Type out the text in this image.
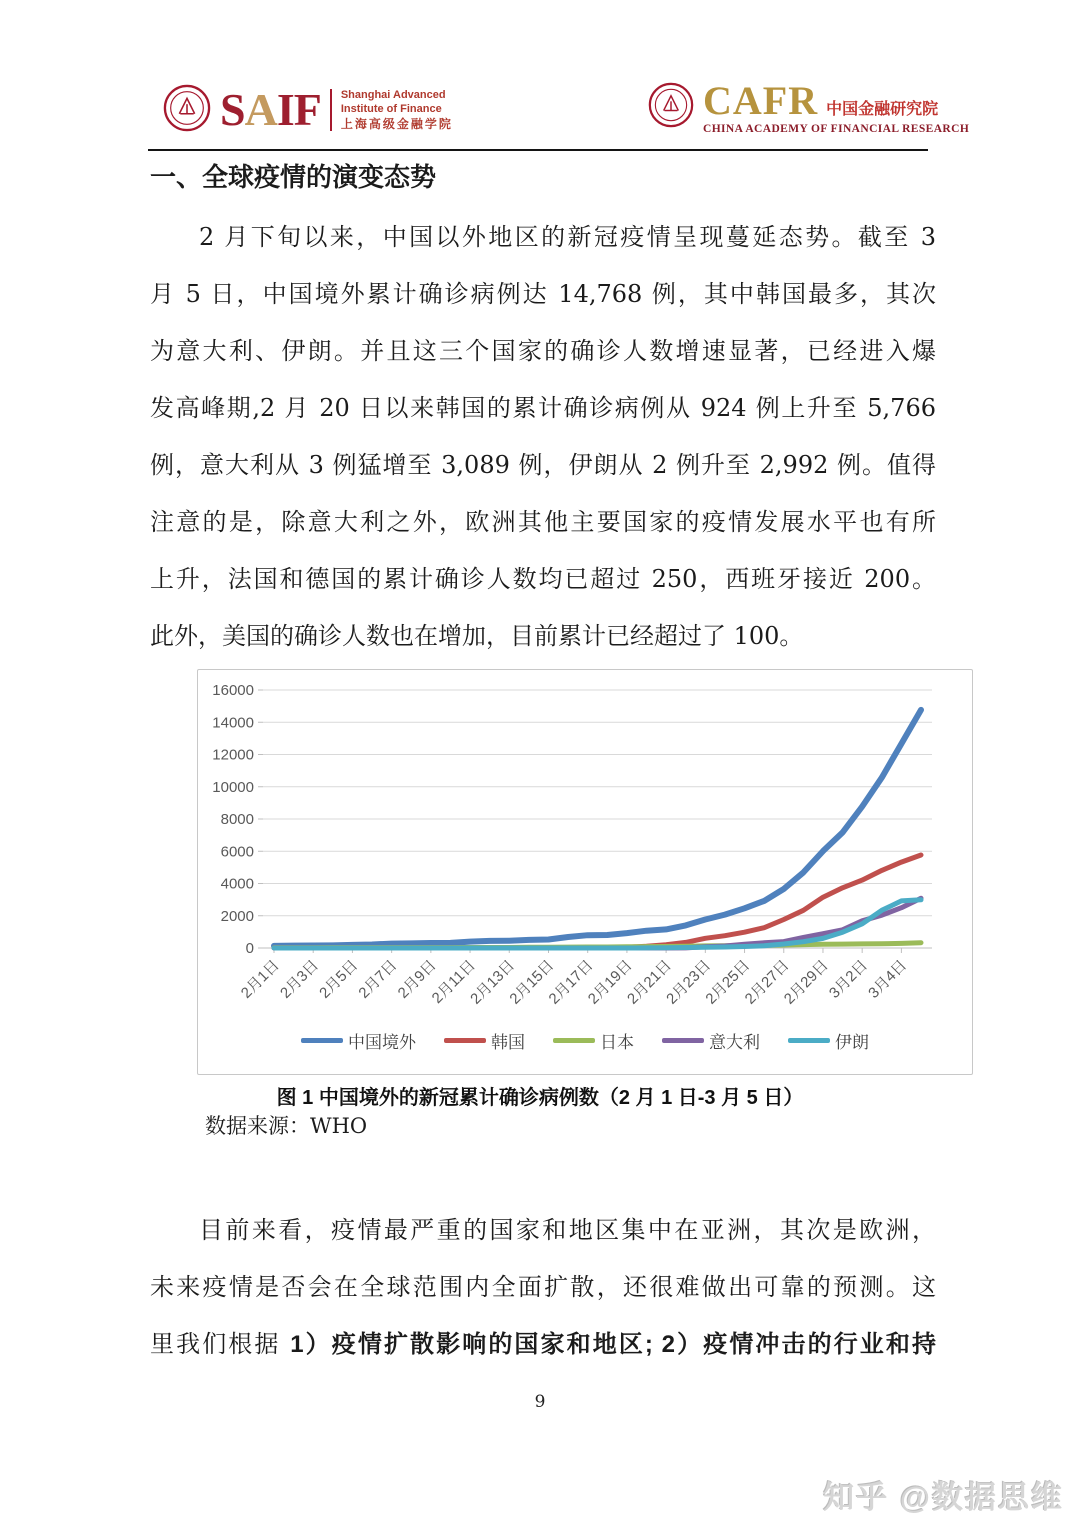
SAIF Shanghai Advanced
Institute of Finance
上海高级金融学院
CAFR 中国金融研究院
CHINA ACADEMY OF FINANCIAL RESEARCH
一、全球疫情的演变态势
2 月下旬以来，中国以外地区的新冠疫情呈现蔓延态势。截至 3
月 5 日，中国境外累计确诊病例达 14,768 例，其中韩国最多，其次
为意大利、伊朗。并且这三个国家的确诊人数增速显著，已经进入爆
发高峰期,2 月 20 日以来韩国的累计确诊病例从 924 例上升至 5,766
例，意大利从 3 例猛增至 3,089 例，伊朗从 2 例升至 2,992 例。值得
注意的是，除意大利之外，欧洲其他主要国家的疫情发展水平也有所
上升，法国和德国的累计确诊人数均已超过 250，西班牙接近 200。
此外，美国的确诊人数也在增加，目前累计已经超过了 100。
0
2000
4000
6000
8000
10000
12000
14000
16000
2月1日
2月3日
2月5日
2月7日
2月9日
2月11日
2月13日
2月15日
2月17日
2月19日
2月21日
2月23日
2月25日
2月27日
2月29日
3月2日
3月4日
中国境外	韩国	日本	意大利	伊朗
图 1 中国境外的新冠累计确诊病例数（2 月 1 日-3 月 5 日）
数据来源：WHO
目前来看，疫情最严重的国家和地区集中在亚洲，其次是欧洲，
未来疫情是否会在全球范围内全面扩散，还很难做出可靠的预测。这
里我们根据 1）疫情扩散影响的国家和地区; 2）疫情冲击的行业和持
9
知乎 @数据思维
